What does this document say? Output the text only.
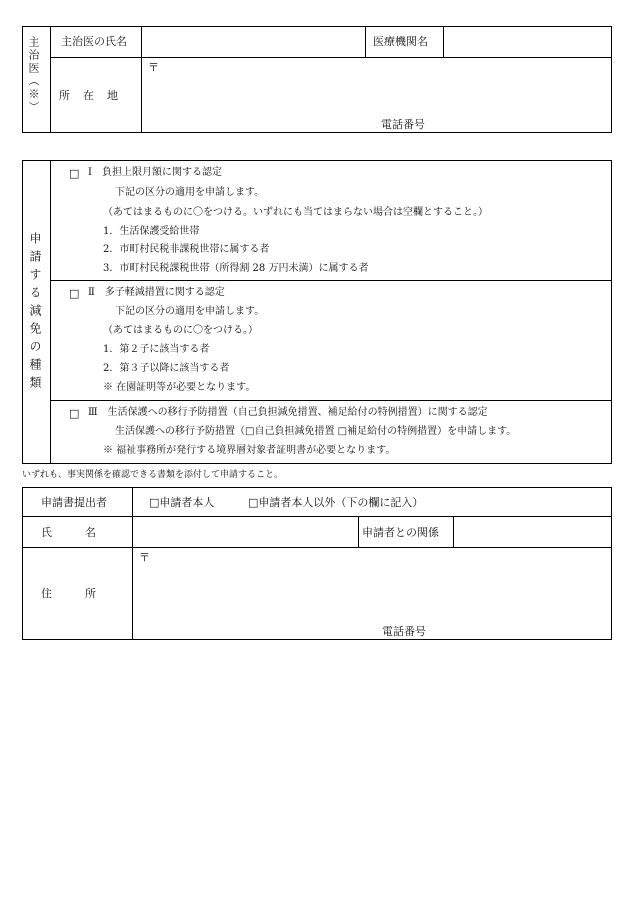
主治医（※） 主治医の氏名	医療機関名
所　在　地
〒
電話番号
申請する減免の種類
□ Ⅰ　負担上限月額に関する認定
下記の区分の適用を申請します。
（あてはまるものに〇をつける。いずれにも当てはまらない場合は空欄とすること。）
1．生活保護受給世帯
2．市町村民税非課税世帯に属する者
3．市町村民税課税世帯（所得割 28 万円未満）に属する者
□ Ⅱ　多子軽減措置に関する認定
下記の区分の適用を申請します。
（あてはまるものに〇をつける。）
1．第２子に該当する者
2．第３子以降に該当する者
※ 在園証明等が必要となります。
□ Ⅲ　生活保護への移行予防措置（自己負担減免措置、補足給付の特例措置）に関する認定
生活保護への移行予防措置（□自己負担減免措置 □補足給付の特例措置）を申請します。
※ 福祉事務所が発行する境界層対象者証明書が必要となります。
いずれも、事実関係を確認できる書類を添付して申請すること。
申請書提出者	□申請者本人	□申請者本人以外（下の欄に記入）
氏　　　名	申請者との関係
住　　　所
〒
電話番号
